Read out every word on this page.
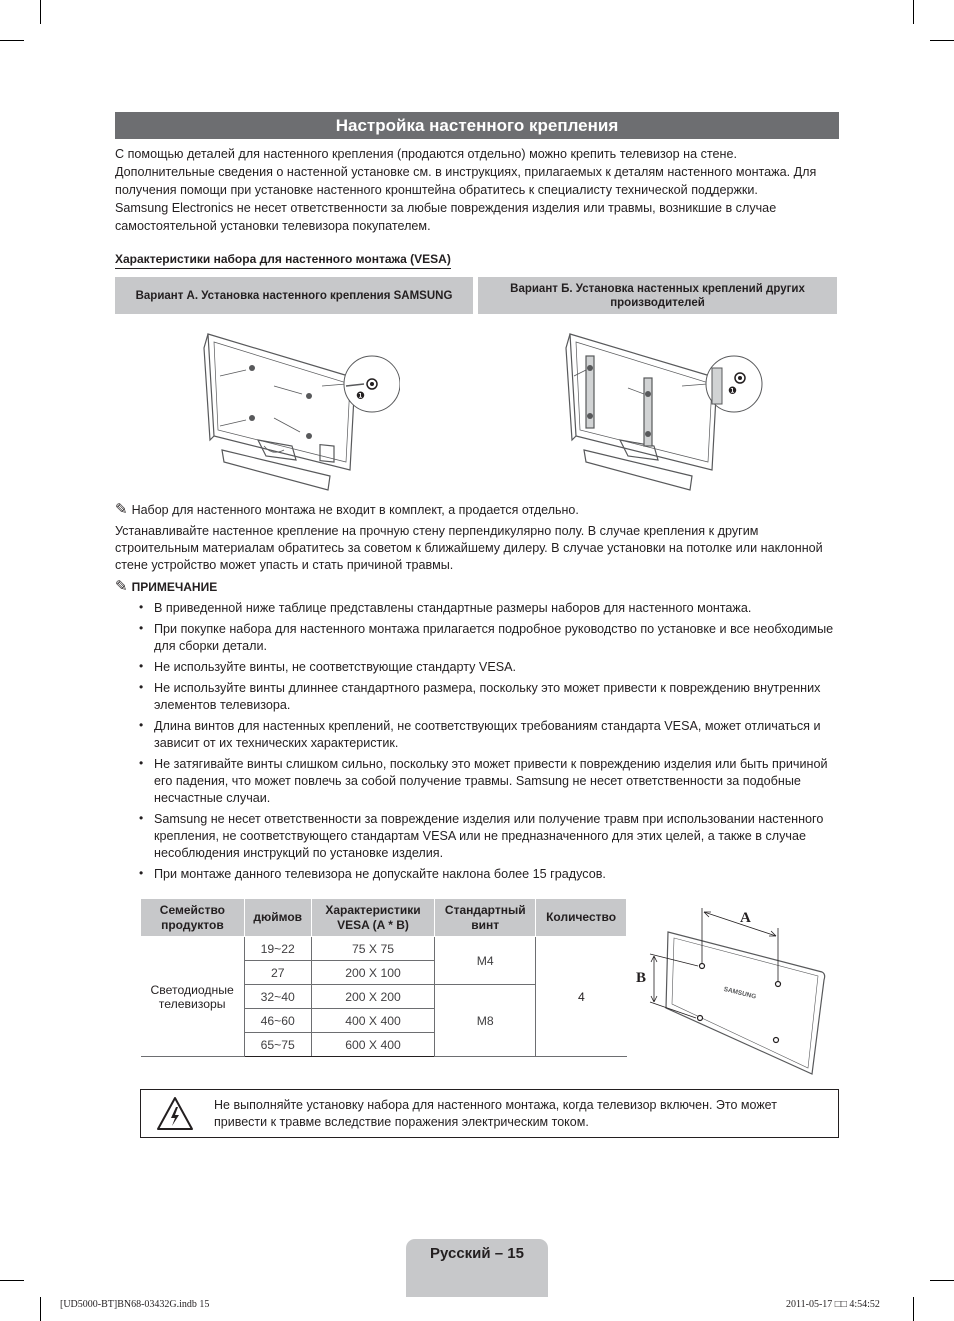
Настройка настенного крепления

С помощью деталей для настенного крепления (продаются отдельно) можно крепить телевизор на стене.

Дополнительные сведения о настенной установке см. в инструкциях, прилагаемых к деталям настенного монтажа. Для получения помощи при установке настенного кронштейна обратитесь к специалисту технической поддержки.

Samsung Electronics не несет ответственности за любые повреждения изделия или травмы, возникшие в случае самостоятельной установки телевизора покупателем.

Характеристики набора для настенного монтажа (VESA)
Вариант A. Установка настенного крепления SAMSUNG
Вариант Б. Установка настенных креплений других производителей
❶	❶
✎ Набор для настенного монтажа не входит в комплект, а продается отдельно.

Устанавливайте настенное крепление на прочную стену перпендикулярно полу. В случае крепления к другим строительным материалам обратитесь за советом к ближайшему дилеру. В случае установки на потолке или наклонной стене устройство может упасть и стать причиной травмы.

✎ ПРИМЕЧАНИЕ
• В приведенной ниже таблице представлены стандартные размеры наборов для настенного монтажа.
• При покупке набора для настенного монтажа прилагается подробное руководство по установке и все необходимые для сборки детали.
• Не используйте винты, не соответствующие стандарту VESA.
• Не используйте винты длиннее стандартного размера, поскольку это может привести к повреждению внутренних элементов телевизора.
• Длина винтов для настенных креплений, не соответствующих требованиям стандарта VESA, может отличаться и зависит от их технических характеристик.
• Не затягивайте винты слишком сильно, поскольку это может привести к повреждению изделия или быть причиной его падения, что может повлечь за собой получение травмы. Samsung не несет ответственности за подобные несчастные случаи.
• Samsung не несет ответственности за повреждение изделия или получение травм при использовании настенного крепления, не соответствующего стандартам VESA или не предназначенного для этих целей, а также в случае несоблюдения инструкций по установке изделия.
• При монтаже данного телевизора не допускайте наклона более 15 градусов.
Семейство продуктов	дюймов	Характеристики VESA (A * B)	Стандартный винт	Количество
Светодиодные телевизоры	19~22	75 X 75	M4	4
	27	200 X 100		
	32~40	200 X 200	M8	
	46~60	400 X 400		
	65~75	600 X 400		
A
B
SAMSUNG
Не выполняйте установку набора для настенного монтажа, когда телевизор включен. Это может привести к травме вследствие поражения электрическим током.
Русский – 15
[UD5000-BT]BN68-03432G.indb 15	2011-05-17 □□ 4:54:52
